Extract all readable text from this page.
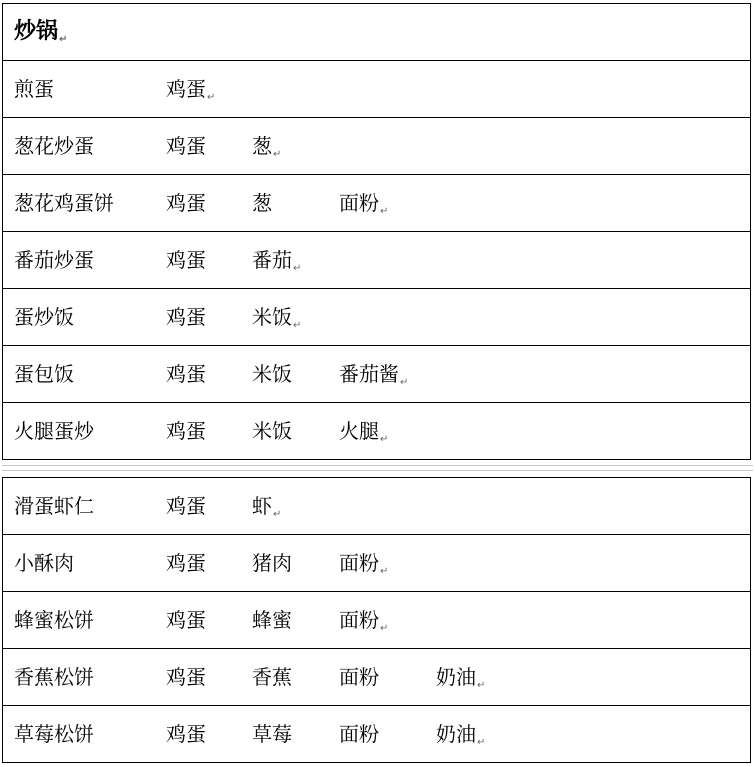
炒锅↵
煎蛋	鸡蛋$_↵$
葱花炒蛋	鸡蛋 葱$_↵$
葱花鸡蛋饼	鸡蛋 葱	面粉$_↵$
番茄炒蛋	鸡蛋 番茄$_↵$
蛋炒饭	鸡蛋 米饭$_↵$
蛋包饭	鸡蛋 米饭 番茄酱$_↵$
火腿蛋炒	鸡蛋 米饭 火腿$_↵$
滑蛋虾仁	鸡蛋 虾$_↵$
小酥肉	鸡蛋 猪肉 面粉$_↵$
蜂蜜松饼	鸡蛋 蜂蜜 面粉$_↵$
香蕉松饼	鸡蛋 香蕉 面粉	奶油$_↵$
草莓松饼	鸡蛋 草莓 面粉	奶油$_↵$
